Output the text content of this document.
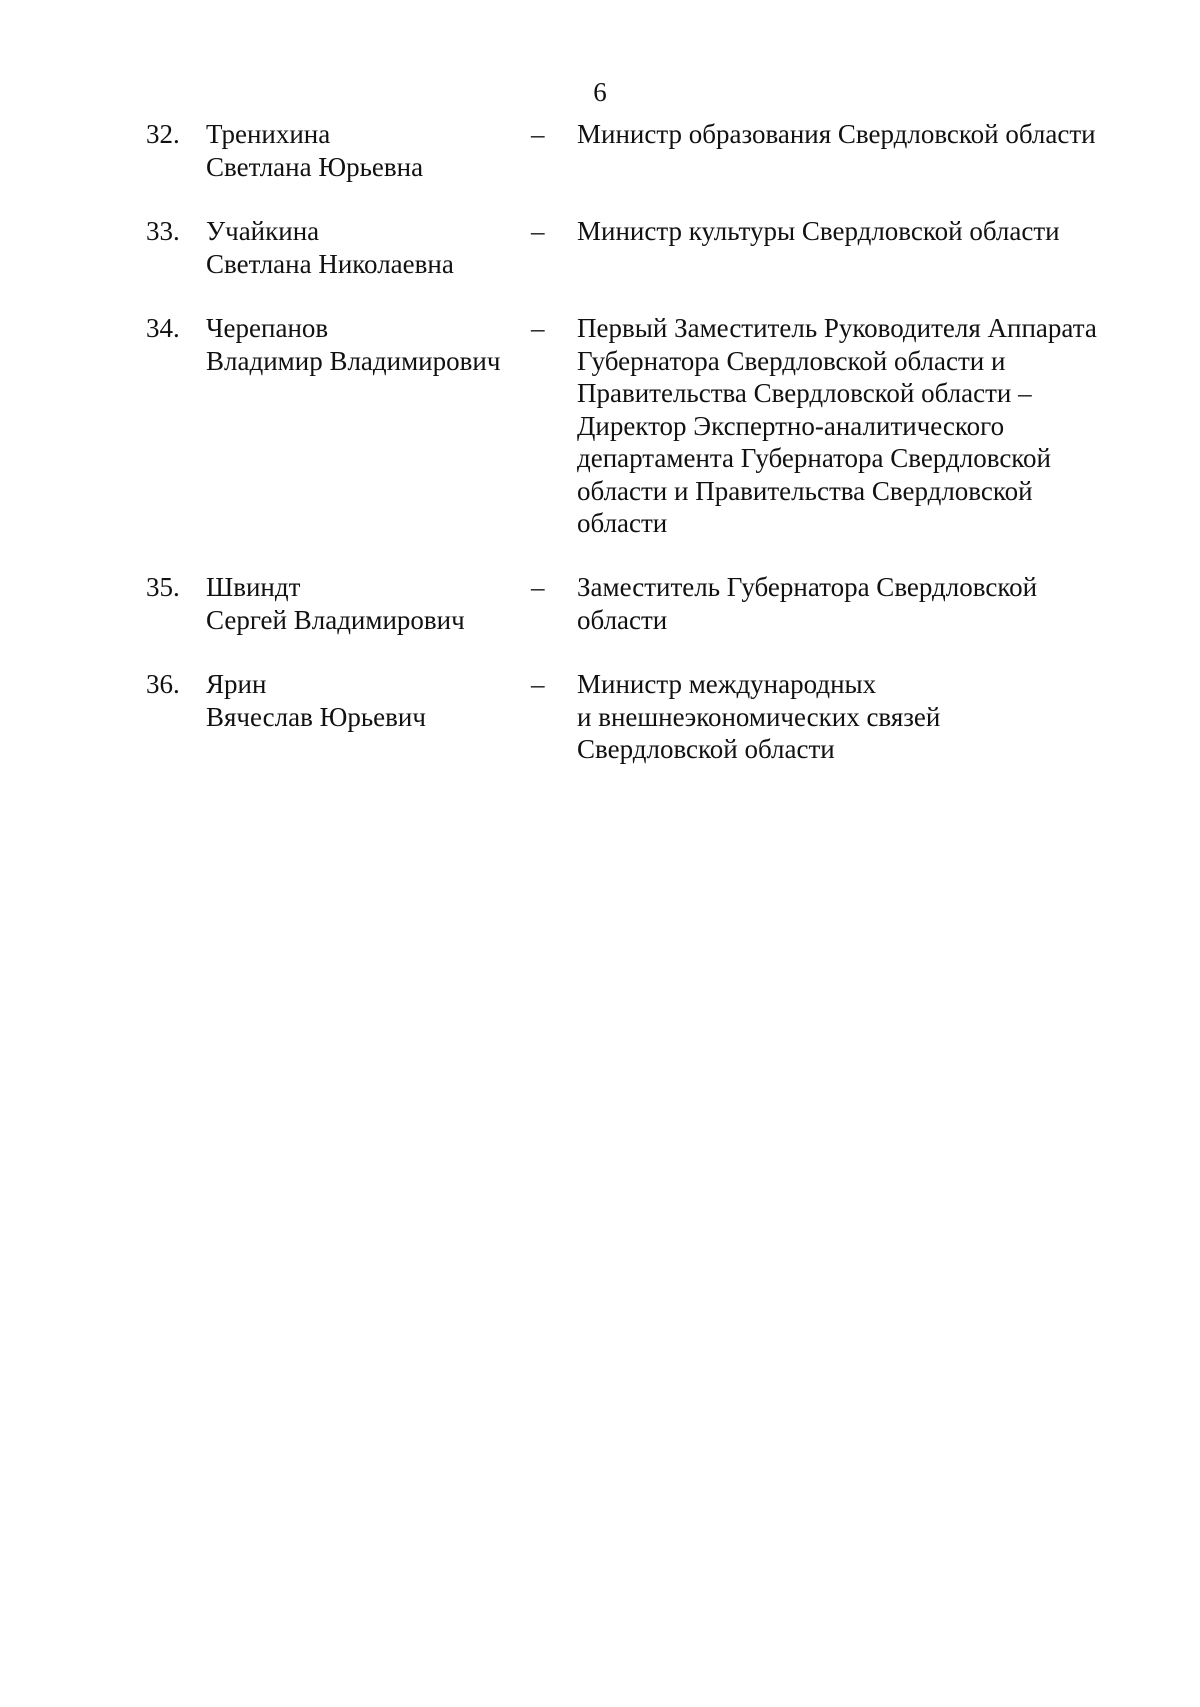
6
32. Тренихина
Светлана Юрьевна
– Министр образования Свердловской области
33. Учайкина
Светлана Николаевна
– Министр культуры Свердловской области
34. Черепанов
Владимир Владимирович
– Первый Заместитель Руководителя Аппарата
Губернатора Свердловской области и
Правительства Свердловской области –
Директор Экспертно-аналитического
департамента Губернатора Свердловской
области и Правительства Свердловской
области
35. Швиндт
Сергей Владимирович
– Заместитель Губернатора Свердловской
области
36. Ярин
Вячеслав Юрьевич
– Министр международных
и внешнеэкономических связей
Свердловской области
